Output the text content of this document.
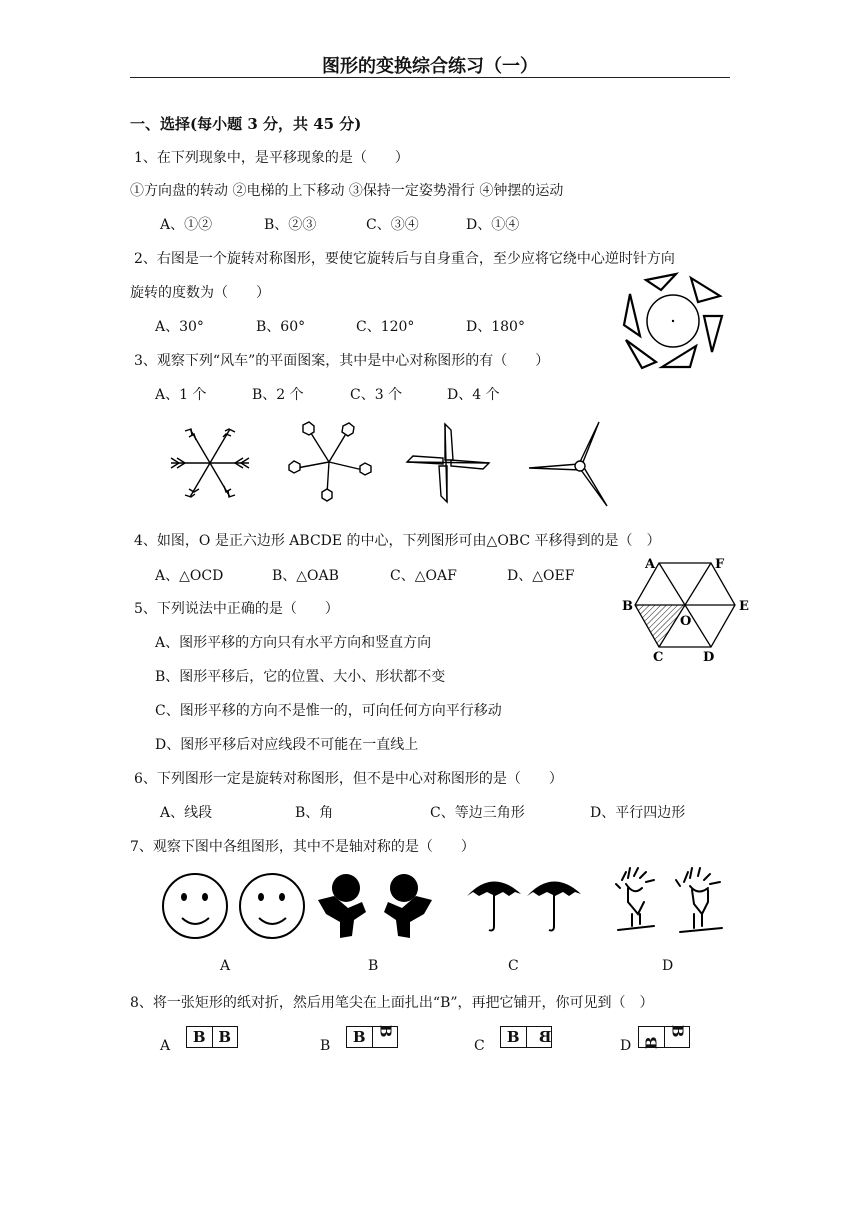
图形的变换综合练习（一）
一、选择(每小题 3 分，共 45 分)
1、在下列现象中，是平移现象的是（　　）
①方向盘的转动 ②电梯的上下移动 ③保持一定姿势滑行 ④钟摆的运动
A、①②	B、②③	C、③④	D、①④
2、右图是一个旋转对称图形，要使它旋转后与自身重合，至少应将它绕中心逆时针方向
旋转的度数为（　　）
A、30°	B、60°	C、120°	D、180°
3、观察下列“风车”的平面图案，其中是中心对称图形的有（　　）
A、1 个	B、2 个	C、3 个	D、4 个
4、如图，O 是正六边形 ABCDE 的中心，下列图形可由△OBC 平移得到的是（　）
A、△OCD	B、△OAB	C、△OAF	D、△OEF
A	F
B	E
O
C	D
5、下列说法中正确的是（　　）
A、图形平移的方向只有水平方向和竖直方向
B、图形平移后，它的位置、大小、形状都不变
C、图形平移的方向不是惟一的，可向任何方向平行移动
D、图形平移后对应线段不可能在一直线上
6、下列图形一定是旋转对称图形，但不是中心对称图形的是（　　）
A、线段	B、角	C、等边三角形	D、平行四边形
7、观察下图中各组图形，其中不是轴对称的是（　　）
A	B	C	D
8、将一张矩形的纸对折，然后用笔尖在上面扎出“B”，再把它铺开，你可见到（　）
A	B B	B	B B
C	B	B	D B
B
